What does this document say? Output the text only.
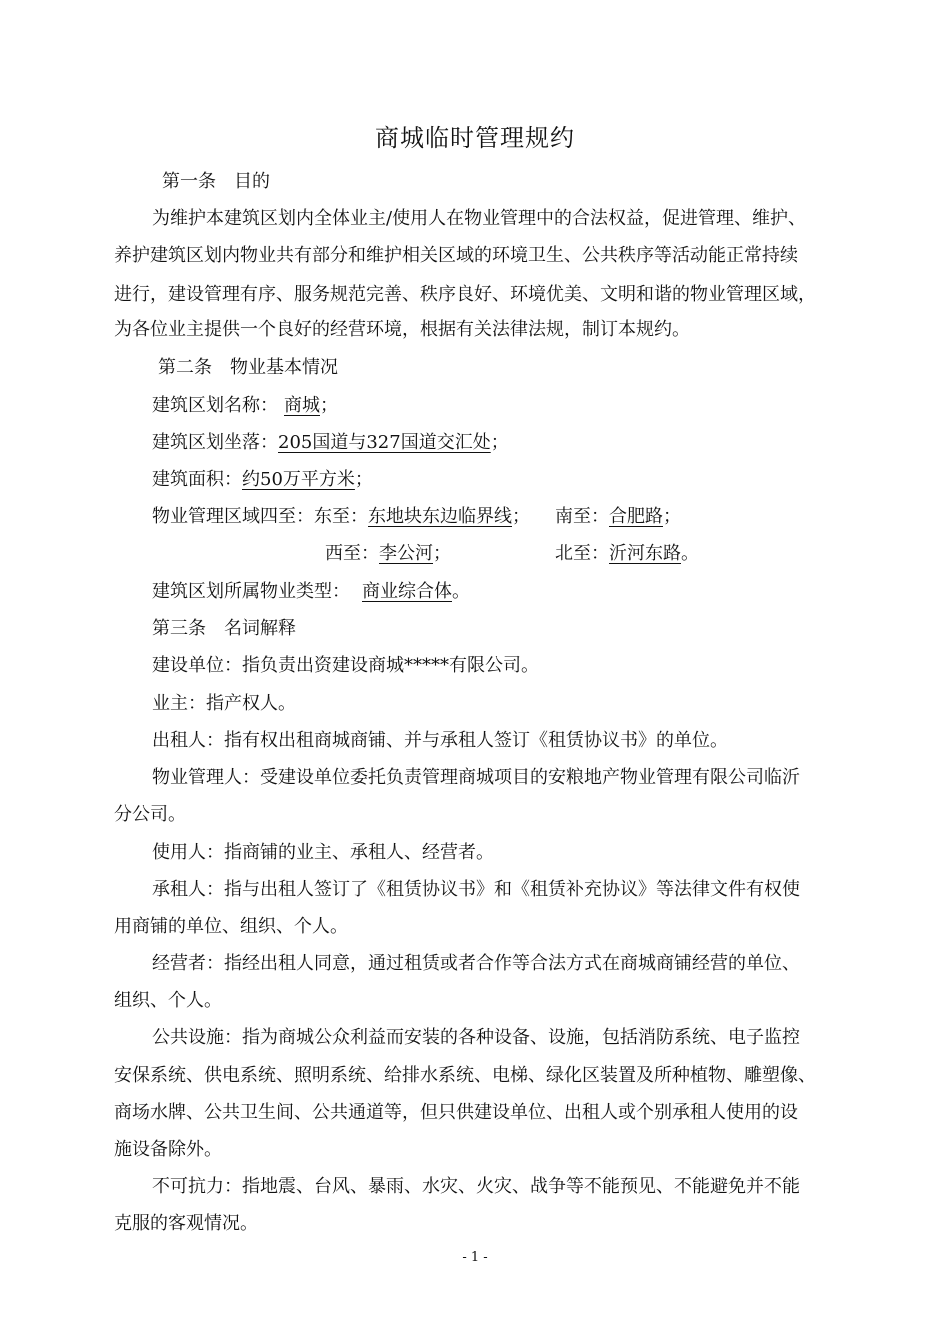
商城临时管理规约
第一条　目的
为维护本建筑区划内全体业主/使用人在物业管理中的合法权益，促进管理、维护、
养护建筑区划内物业共有部分和维护相关区域的环境卫生、公共秩序等活动能正常持续
进行，建设管理有序、服务规范完善、秩序良好、环境优美、文明和谐的物业管理区域，
为各位业主提供一个良好的经营环境，根据有关法律法规，制订本规约。
第二条　物业基本情况
建筑区划名称： 商城；
建筑区划坐落：205国道与327国道交汇处；
建筑面积：约50万平方米；
物业管理区域四至：东至：东地块东边临界线； 南至：合肥路；
西至：李公河；	北至：沂河东路。
建筑区划所属物业类型： 商业综合体。
第三条　名词解释
建设单位：指负责出资建设商城*****有限公司。
业主：指产权人。
出租人：指有权出租商城商铺、并与承租人签订《租赁协议书》的单位。
物业管理人：受建设单位委托负责管理商城项目的安粮地产物业管理有限公司临沂
分公司。
使用人：指商铺的业主、承租人、经营者。
承租人：指与出租人签订了《租赁协议书》和《租赁补充协议》等法律文件有权使
用商铺的单位、组织、个人。
经营者：指经出租人同意，通过租赁或者合作等合法方式在商城商铺经营的单位、
组织、个人。
公共设施：指为商城公众利益而安装的各种设备、设施，包括消防系统、电子监控
安保系统、供电系统、照明系统、给排水系统、电梯、绿化区装置及所种植物、雕塑像、
商场水牌、公共卫生间、公共通道等，但只供建设单位、出租人或个别承租人使用的设
施设备除外。
不可抗力：指地震、台风、暴雨、水灾、火灾、战争等不能预见、不能避免并不能
克服的客观情况。
- 1 -
